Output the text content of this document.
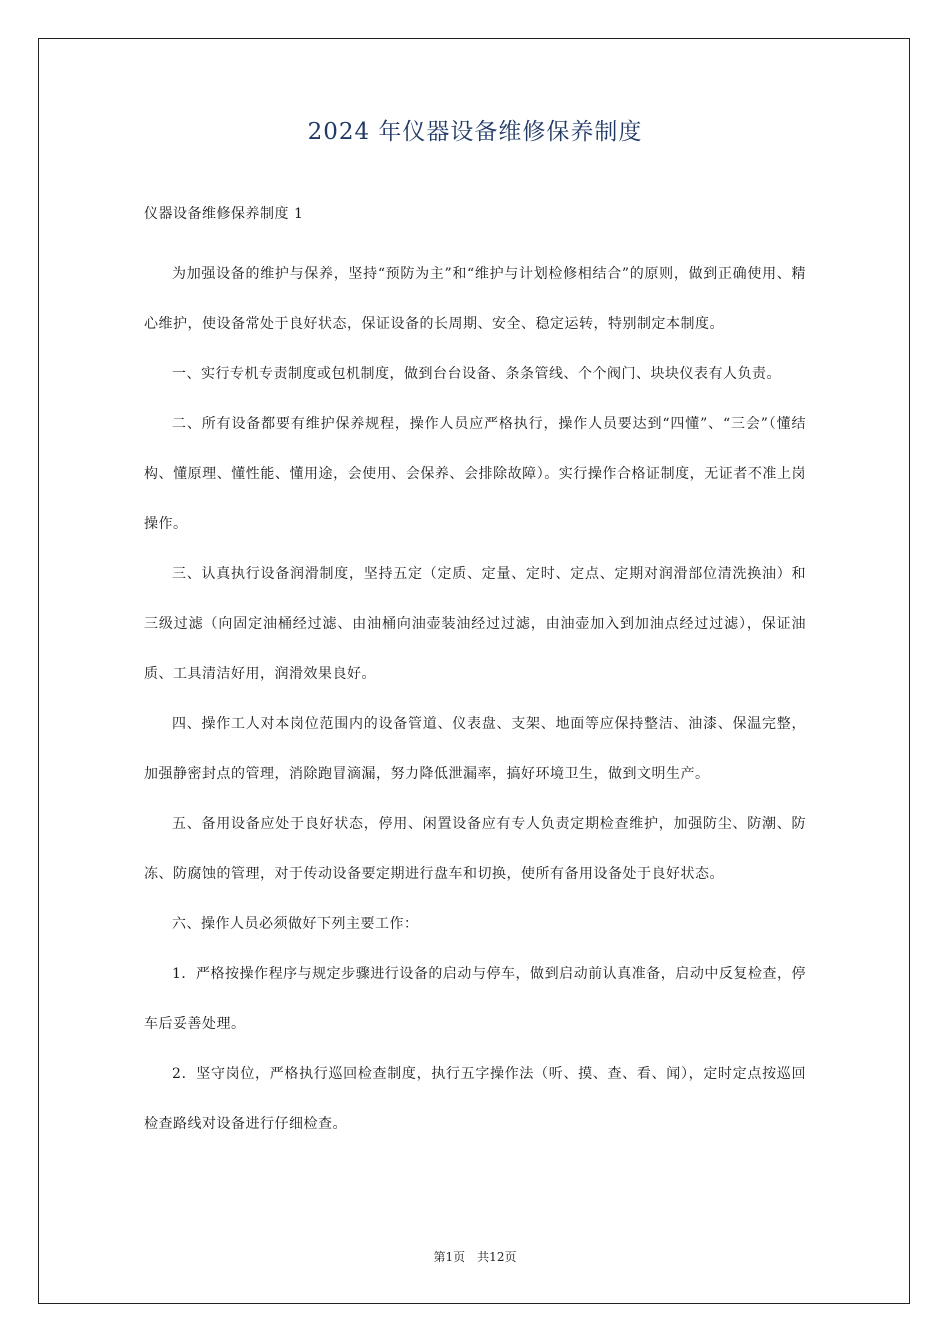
2024 年仪器设备维修保养制度

仪器设备维修保养制度 1

为加强设备的维护与保养，坚持“预防为主”和“维护与计划检修相结合”的原则，做到正确使用、精心维护，使设备常处于良好状态，保证设备的长周期、安全、稳定运转，特别制定本制度。

一、实行专机专责制度或包机制度，做到台台设备、条条管线、个个阀门、块块仪表有人负责。

二、所有设备都要有维护保养规程，操作人员应严格执行，操作人员要达到“四懂”、“三会”（懂结构、懂原理、懂性能、懂用途，会使用、会保养、会排除故障）。实行操作合格证制度，无证者不准上岗操作。

三、认真执行设备润滑制度，坚持五定（定质、定量、定时、定点、定期对润滑部位清洗换油）和三级过滤（向固定油桶经过滤、由油桶向油壶装油经过过滤，由油壶加入到加油点经过过滤），保证油质、工具清洁好用，润滑效果良好。

四、操作工人对本岗位范围内的设备管道、仪表盘、支架、地面等应保持整洁、油漆、保温完整，加强静密封点的管理，消除跑冒滴漏，努力降低泄漏率，搞好环境卫生，做到文明生产。

五、备用设备应处于良好状态，停用、闲置设备应有专人负责定期检查维护，加强防尘、防潮、防冻、防腐蚀的管理，对于传动设备要定期进行盘车和切换，使所有备用设备处于良好状态。

六、操作人员必须做好下列主要工作：

1．严格按操作程序与规定步骤进行设备的启动与停车，做到启动前认真准备，启动中反复检查，停车后妥善处理。

2．坚守岗位，严格执行巡回检查制度，执行五字操作法（听、摸、查、看、闻），定时定点按巡回检查路线对设备进行仔细检查。

第1页　共12页
